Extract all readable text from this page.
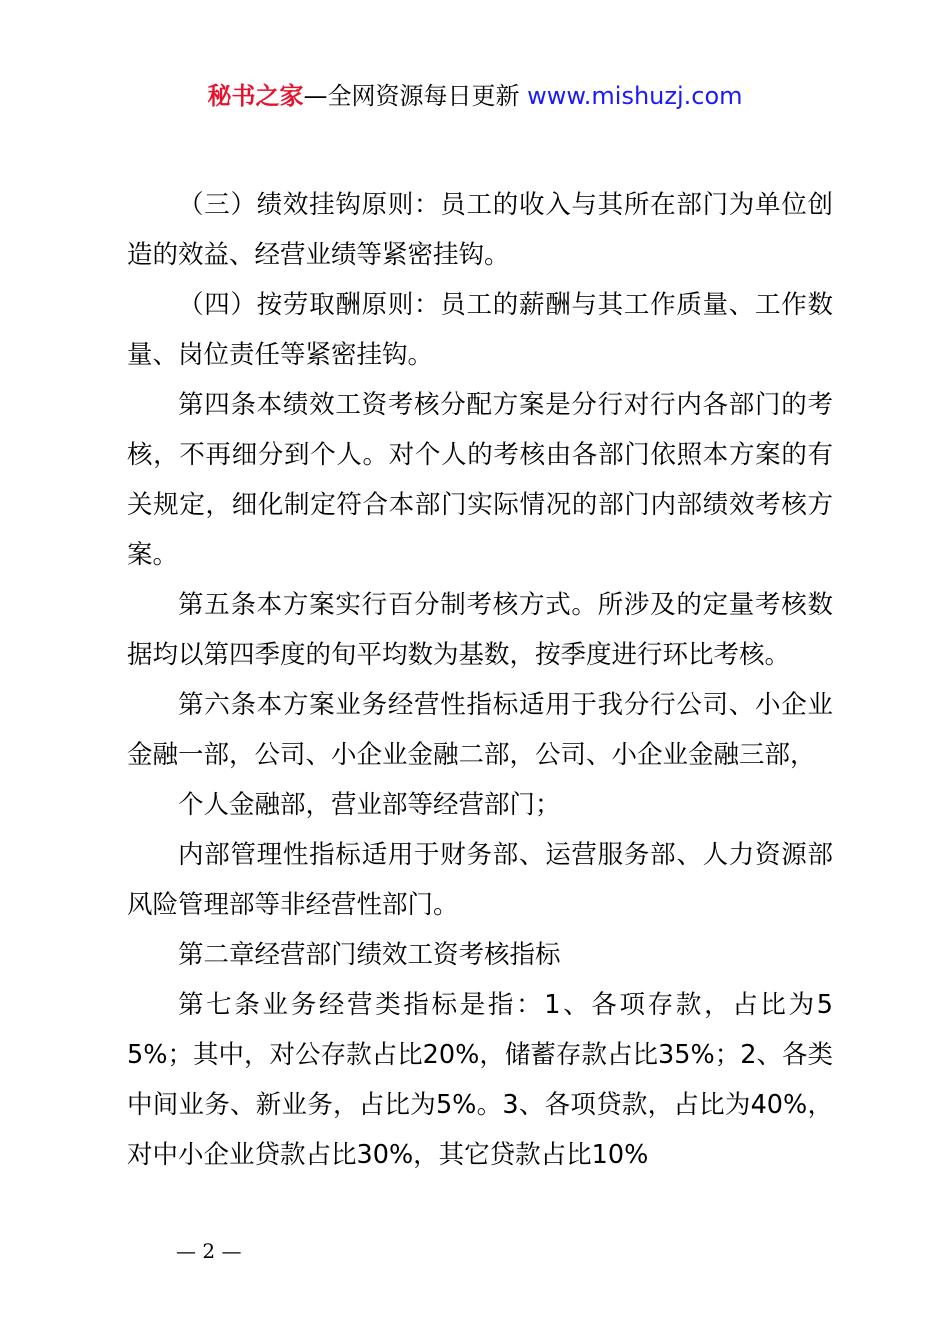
秘书之家—全网资源每日更新 www.mishuzj.com

（三）绩效挂钩原则：员工的收入与其所在部门为单位创造的效益、经营业绩等紧密挂钩。

（四）按劳取酬原则：员工的薪酬与其工作质量、工作数量、岗位责任等紧密挂钩。

第四条本绩效工资考核分配方案是分行对行内各部门的考核，不再细分到个人。对个人的考核由各部门依照本方案的有关规定，细化制定符合本部门实际情况的部门内部绩效考核方案。

第五条本方案实行百分制考核方式。所涉及的定量考核数据均以第四季度的旬平均数为基数，按季度进行环比考核。

第六条本方案业务经营性指标适用于我分行公司、小企业金融一部，公司、小企业金融二部，公司、小企业金融三部，

个人金融部，营业部等经营部门；

内部管理性指标适用于财务部、运营服务部、人力资源部风险管理部等非经营性部门。

第二章经营部门绩效工资考核指标

第七条业务经营类指标是指：1、各项存款，占比为55%；其中，对公存款占比20%，储蓄存款占比35%；2、各类中间业务、新业务，占比为5%。3、各项贷款，占比为40%，对中小企业贷款占比30%，其它贷款占比10%

— 2 —
